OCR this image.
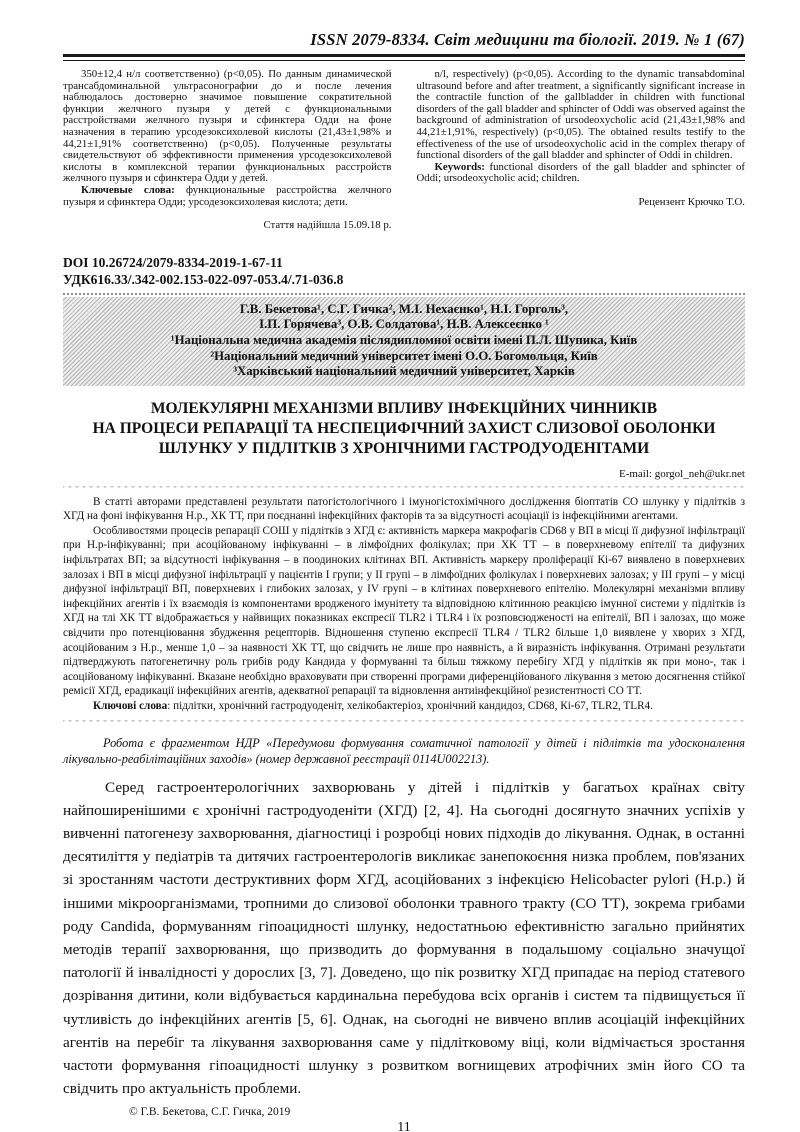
ISSN 2079-8334. Світ медицини та біології. 2019. № 1 (67)

350±12,4 н/л соответственно) (р<0,05). По данным динамической трансабдоминальной ультрасонографии до и после лечения наблюдалось достоверно значимое повышение сократительной функции желчного пузыря у детей с функциональными расстройствами желчного пузыря и сфинктера Одди на фоне назначения в терапию урсодезоксихолевой кислоты (21,43±1,98% и 44,21±1,91% соответственно) (р<0,05). Полученные результаты свидетельствуют об эффективности применения урсодезоксихолевой кислоты в комплексной терапии функциональных расстройств желчного пузыря и сфинктера Одди у детей.

Ключевые слова: функциональные расстройства желчного пузыря и сфинктера Одди; урсодезоксихолевая кислота; дети.

Стаття надійшла 15.09.18 р.

n/l, respectively) (p<0,05). According to the dynamic transabdominal ultrasound before and after treatment, a significantly significant increase in the contractile function of the gallbladder in children with functional disorders of the gall bladder and sphincter of Oddi was observed against the background of administration of ursodeoxycholic acid (21,43±1,98% and 44,21±1,91%, respectively) (p<0,05). The obtained results testify to the effectiveness of the use of ursodeoxycholic acid in the complex therapy of functional disorders of the gall bladder and sphincter of Oddi in children.

Keywords: functional disorders of the gall bladder and sphincter of Oddi; ursodeoxycholic acid; children.

Рецензент Крючко Т.О.

DOI 10.26724/2079-8334-2019-1-67-11
УДК616.33/.342-002.153-022-097-053.4/.71-036.8
Г.В. Бекетова¹, С.Г. Гичка², М.І. Нехаєнко¹, Н.І. Горголь³,
І.П. Горячева³, О.В. Солдатова¹, Н.В. Алексеєнко ¹
¹Національна медична академія післядипломної освіти імені П.Л. Шупика, Київ
²Національний медичний університет імені О.О. Богомольця, Київ
³Харківський національний медичний університет, Харків
МОЛЕКУЛЯРНІ МЕХАНІЗМИ ВПЛИВУ ІНФЕКЦІЙНИХ ЧИННИКІВ
НА ПРОЦЕСИ РЕПАРАЦІЇ ТА НЕСПЕЦИФІЧНИЙ ЗАХИСТ СЛИЗОВОЇ ОБОЛОНКИ
ШЛУНКУ У ПІДЛІТКІВ З ХРОНІЧНИМИ ГАСТРОДУОДЕНІТАМИ
E-mail: gorgol_neh@ukr.net

В статті авторами представлені результати патогістологічного і імуногістохімічного дослідження біоптатів СО шлунку у підлітків з ХГД на фоні інфікування Н.р., ХК ТТ, при поєднанні інфекційних факторів та за відсутності асоціації із інфекційними агентами.

Особливостями процесів репарації СОШ у підлітків з ХГД є: активність маркера макрофагів CD68 у ВП в місці її дифузної інфільтрації при Н.р-інфікуванні; при асоційованому інфікуванні – в лімфоїдних фолікулах; при ХК ТТ – в поверхневому епітелії та дифузних інфільтратах ВП; за відсутності інфікування – в поодиноких клітинах ВП. Активність маркеру проліферації Кі-67 виявлено в поверхневих залозах і ВП в місці дифузної інфільтрації у пацієнтів І групи; у ІІ групі – в лімфоїдних фолікулах і поверхневих залозах; у ІІІ групі – у місці дифузної інфільтрації ВП, поверхневих і глибоких залозах, у ІV групі – в клітинах поверхневого епітелію. Молекулярні механізми впливу інфекційних агентів і їх взаємодія із компонентами вродженого імунітету та відповідною клітинною реакцією імунної системи у підлітків із ХГД на тлі ХК ТТ відображається у найвищих показниках експресії TLR2 і TLR4 і їх розповсюдженості на епітелії, ВП і залозах, що може свідчити про потенціювання збудження рецепторів. Відношення ступеню експресії TLR4 / TLR2 більше 1,0 виявлене у хворих з ХГД, асоційованим з Н.р., менше 1,0 – за наявності ХК ТТ, що свідчить не лише про наявність, а й виразність інфікування. Отримані результати підтверджують патогенетичну роль грибів роду Кандида у формуванні та більш тяжкому перебігу ХГД у підлітків як при моно-, так і асоційованому інфікуванні. Вказане необхідно враховувати при створенні програми диференційованого лікування з метою досягнення стійкої ремісії ХГД, ерадикації інфекційних агентів, адекватної репарації та відновлення антиінфекційної резистентності СО ТТ.

Ключові слова: підлітки, хронічний гастродуоденіт, хелікобактеріоз, хронічний кандидоз, CD68, Кі-67, TLR2, TLR4.

Робота є фрагментом НДР «Передумови формування соматичної патології у дітей і підлітків та удосконалення лікувально-реабілітаційних заходів» (номер державної реєстрації 0114U002213).

Серед гастроентерологічних захворювань у дітей і підлітків у багатьох країнах світу найпоширенішими є хронічні гастродуоденіти (ХГД) [2, 4]. На сьогодні досягнуто значних успіхів у вивченні патогенезу захворювання, діагностиці і розробці нових підходів до лікування. Однак, в останні десятиліття у педіатрів та дитячих гастроентерологів викликає занепокоєння низка проблем, пов'язаних зі зростанням частоти деструктивних форм ХГД, асоційованих з інфекцією Helicobacter pylori (Н.р.) й іншими мікроорганізмами, тропними до слизової оболонки травного тракту (СО ТТ), зокрема грибами роду Candida, формуванням гіпоацидності шлунку, недостатньою ефективністю загально прийнятих методів терапії захворювання, що призводить до формування в подальшому соціально значущої патології й інвалідності у дорослих [3, 7]. Доведено, що пік розвитку ХГД припадає на період статевого дозрівання дитини, коли відбувається кардинальна перебудова всіх органів і систем та підвищується її чутливість до інфекційних агентів [5, 6]. Однак, на сьогодні не вивчено вплив асоціацій інфекційних агентів на перебіг та лікування захворювання саме у підлітковому віці, коли відмічається зростання частоти формування гіпоацидності шлунку з розвитком вогнищевих атрофічних змін його СО та свідчить про актуальність проблеми.

© Г.В. Бекетова, С.Г. Гичка, 2019
11
